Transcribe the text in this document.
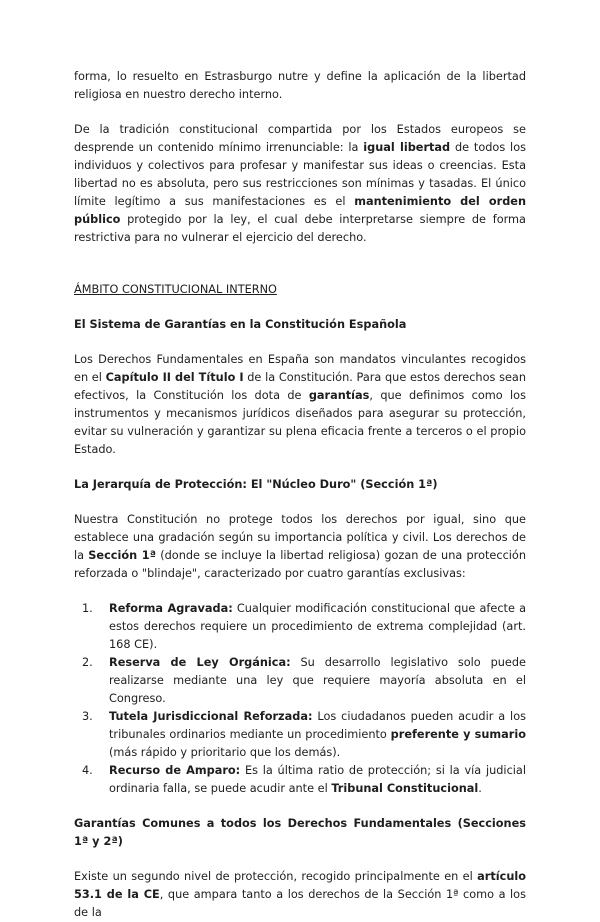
forma, lo resuelto en Estrasburgo nutre y define la aplicación de la libertad religiosa en nuestro derecho interno.

De la tradición constitucional compartida por los Estados europeos se desprende un contenido mínimo irrenunciable: la igual libertad de todos los individuos y colectivos para profesar y manifestar sus ideas o creencias. Esta libertad no es absoluta, pero sus restricciones son mínimas y tasadas. El único límite legítimo a sus manifestaciones es el mantenimiento del orden público protegido por la ley, el cual debe interpretarse siempre de forma restrictiva para no vulnerar el ejercicio del derecho.

ÁMBITO CONSTITUCIONAL INTERNO

El Sistema de Garantías en la Constitución Española

Los Derechos Fundamentales en España son mandatos vinculantes recogidos en el Capítulo II del Título I de la Constitución. Para que estos derechos sean efectivos, la Constitución los dota de garantías, que definimos como los instrumentos y mecanismos jurídicos diseñados para asegurar su protección, evitar su vulneración y garantizar su plena eficacia frente a terceros o el propio Estado.

La Jerarquía de Protección: El "Núcleo Duro" (Sección 1ª)

Nuestra Constitución no protege todos los derechos por igual, sino que establece una gradación según su importancia política y civil. Los derechos de la Sección 1ª (donde se incluye la libertad religiosa) gozan de una protección reforzada o "blindaje", caracterizado por cuatro garantías exclusivas:

1. Reforma Agravada: Cualquier modificación constitucional que afecte a estos derechos requiere un procedimiento de extrema complejidad (art. 168 CE).
2. Reserva de Ley Orgánica: Su desarrollo legislativo solo puede realizarse mediante una ley que requiere mayoría absoluta en el Congreso.
3. Tutela Jurisdiccional Reforzada: Los ciudadanos pueden acudir a los tribunales ordinarios mediante un procedimiento preferente y sumario (más rápido y prioritario que los demás).
4. Recurso de Amparo: Es la última ratio de protección; si la vía judicial ordinaria falla, se puede acudir ante el Tribunal Constitucional.

Garantías Comunes a todos los Derechos Fundamentales (Secciones 1ª y 2ª)

Existe un segundo nivel de protección, recogido principalmente en el artículo 53.1 de la CE, que ampara tanto a los derechos de la Sección 1ª como a los de la
